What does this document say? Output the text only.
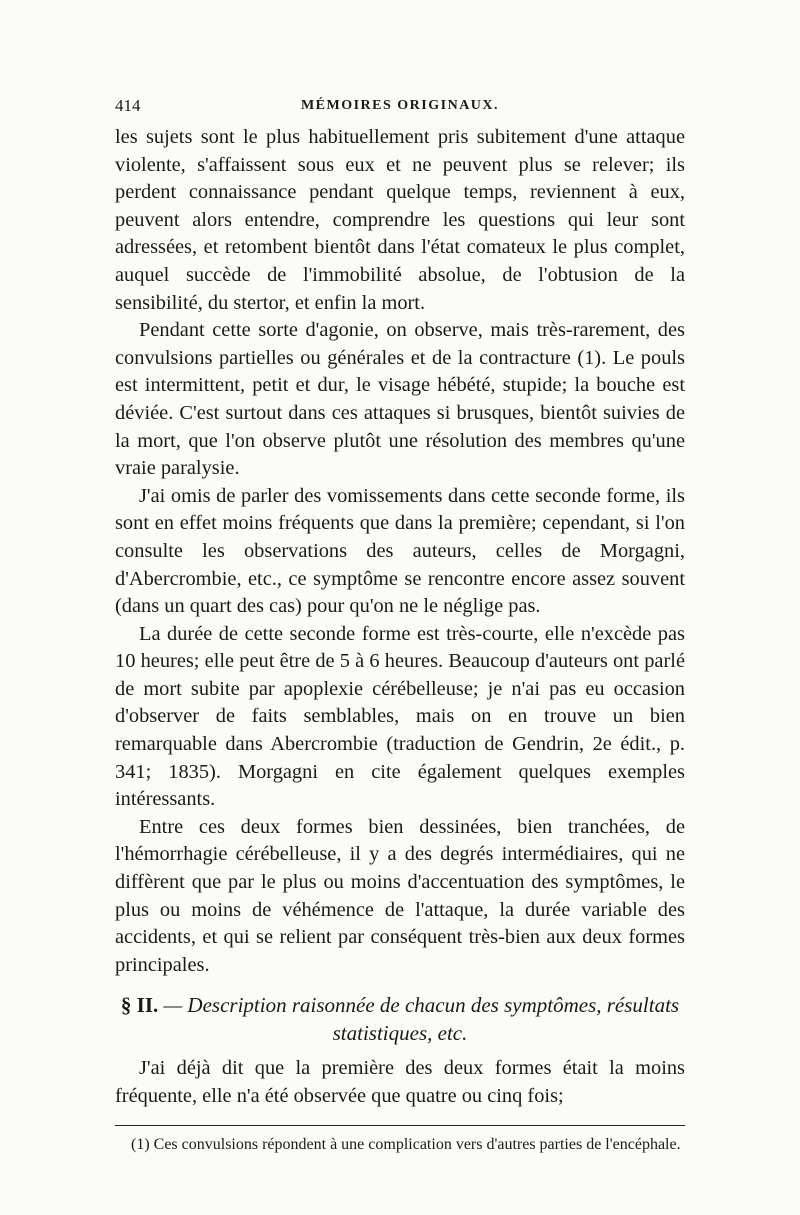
414	MÉMOIRES ORIGINAUX.

les sujets sont le plus habituellement pris subitement d'une attaque violente, s'affaissent sous eux et ne peuvent plus se relever; ils perdent connaissance pendant quelque temps, reviennent à eux, peuvent alors entendre, comprendre les questions qui leur sont adressées, et retombent bientôt dans l'état comateux le plus complet, auquel succède de l'immobilité absolue, de l'obtusion de la sensibilité, du stertor, et enfin la mort.

Pendant cette sorte d'agonie, on observe, mais très-rarement, des convulsions partielles ou générales et de la contracture (1). Le pouls est intermittent, petit et dur, le visage hébété, stupide; la bouche est déviée. C'est surtout dans ces attaques si brusques, bientôt suivies de la mort, que l'on observe plutôt une résolution des membres qu'une vraie paralysie.

J'ai omis de parler des vomissements dans cette seconde forme, ils sont en effet moins fréquents que dans la première; cependant, si l'on consulte les observations des auteurs, celles de Morgagni, d'Abercrombie, etc., ce symptôme se rencontre encore assez souvent (dans un quart des cas) pour qu'on ne le néglige pas.

La durée de cette seconde forme est très-courte, elle n'excède pas 10 heures; elle peut être de 5 à 6 heures. Beaucoup d'auteurs ont parlé de mort subite par apoplexie cérébelleuse; je n'ai pas eu occasion d'observer de faits semblables, mais on en trouve un bien remarquable dans Abercrombie (traduction de Gendrin, 2e édit., p. 341; 1835). Morgagni en cite également quelques exemples intéressants.

Entre ces deux formes bien dessinées, bien tranchées, de l'hémorrhagie cérébelleuse, il y a des degrés intermédiaires, qui ne diffèrent que par le plus ou moins d'accentuation des symptômes, le plus ou moins de véhémence de l'attaque, la durée variable des accidents, et qui se relient par conséquent très-bien aux deux formes principales.

§ II. — Description raisonnée de chacun des symptômes, résultats statistiques, etc.

J'ai déjà dit que la première des deux formes était la moins fréquente, elle n'a été observée que quatre ou cinq fois;

(1) Ces convulsions répondent à une complication vers d'autres parties de l'encéphale.
